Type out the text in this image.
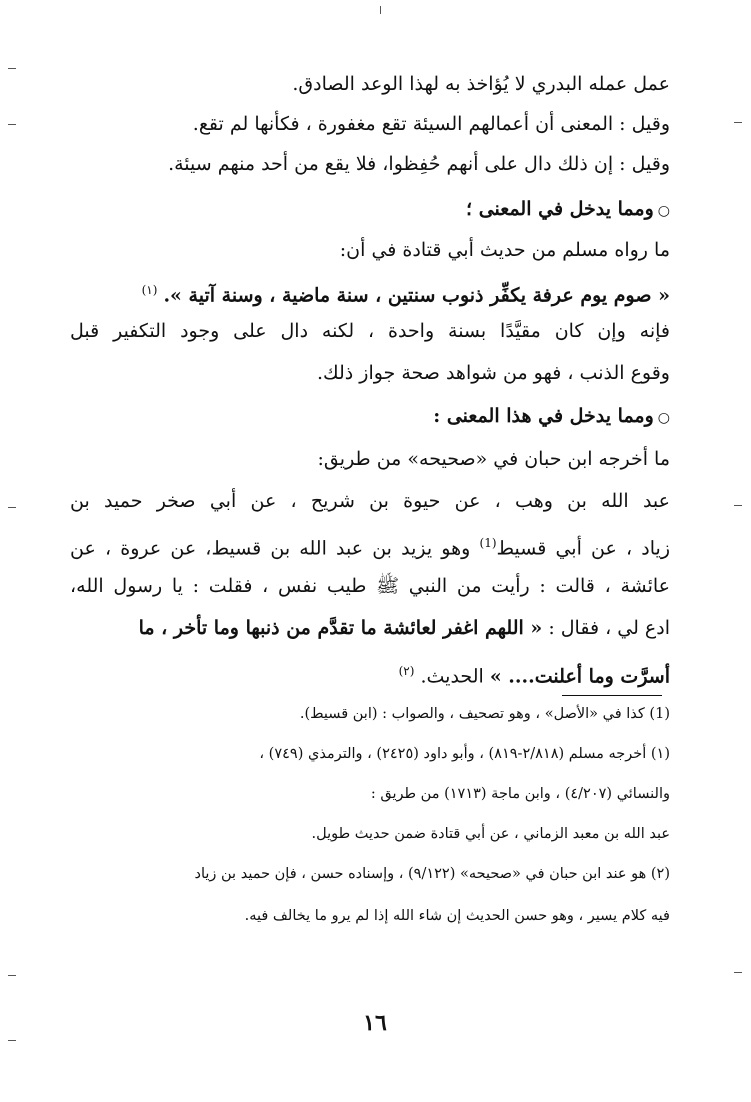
عمل عمله البدري لا يُؤاخذ به لهذا الوعد الصادق.
وقيل : المعنى أن أعمالهم السيئة تقع مغفورة ، فكأنها لم تقع.
وقيل : إن ذلك دال على أنهم حُفِظوا، فلا يقع من أحد منهم سيئة.
○ومما يدخل في المعنى ؛
ما رواه مسلم من حديث أبي قتادة في أن:
« صوم يوم عرفة يكفِّر ذنوب سنتين ، سنة ماضية ، وسنة آتية ». $^{(١)}$
فإنه وإن كان مقيَّدًا بسنة واحدة ، لكنه دال على وجود التكفير قبل
وقوع الذنب ، فهو من شواهد صحة جواز ذلك.
○ومما يدخل في هذا المعنى :
ما أخرجه ابن حبان في «صحيحه» من طريق:
عبد الله بن وهب ، عن حيوة بن شريح ، عن أبي صخر حميد بن
زياد ، عن أبي قسيط$^{(1)}$ وهو يزيد بن عبد الله بن قسيط، عن عروة ، عن
عائشة ، قالت : رأيت من النبي ﷺ طيب نفس ، فقلت : يا رسول الله،
ادع لي ، فقال : « اللهم اغفر لعائشة ما تقدَّم من ذنبها وما تأخر ، ما
أسرَّت وما أعلنت.... » الحديث. $^{(٢)}$
(1) كذا في «الأصل» ، وهو تصحيف ، والصواب : (ابن قسيط).
(١) أخرجه مسلم (٢/٨١٨-٨١٩) ، وأبو داود (٢٤٢٥) ، والترمذي (٧٤٩) ،
والنسائي (٤/٢٠٧) ، وابن ماجة (١٧١٣) من طريق :
عبد الله بن معبد الزماني ، عن أبي قتادة ضمن حديث طويل.
(٢) هو عند ابن حبان في «صحيحه» (٩/١٢٢) ، وإسناده حسن ، فإن حميد بن زياد
فيه كلام يسير ، وهو حسن الحديث إن شاء الله إذا لم يرو ما يخالف فيه.
١٦
